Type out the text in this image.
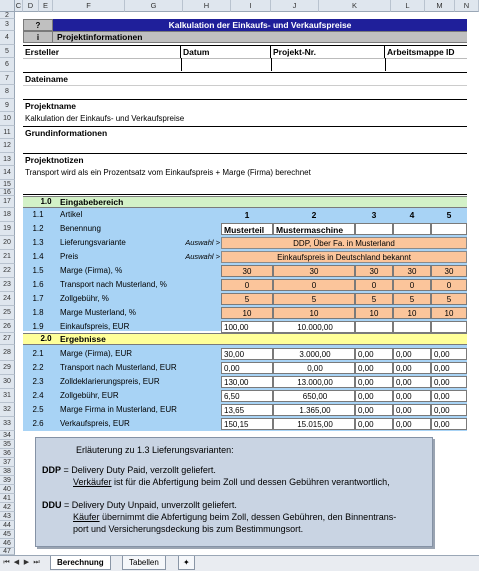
C D	E	F	G	H	I	J	K	L	M	N
2
3
4
5
6
7
8
9
10
11
12
13
14
15
16
17
18
19
20
21
22
23
24
25
26
27
28
29
30
31
32
33
34
35
36
37
38
39
40
41
42
43
44
45
46
47
?	Kalkulation der Einkaufs- und Verkaufspreise
i	Projektinformationen
Ersteller	Datum	Projekt-Nr.	Arbeitsmappe ID
Dateiname
Projektname
Kalkulation der Einkaufs- und Verkaufspreise
Grundinformationen
Projektnotizen
Transport wird als ein Prozentsatz vom Einkaufspreis + Marge (Firma) berechnet
1.0 Eingabebereich
1	2	3	4	5
1.1	Artikel
1.2	Benennung	Musterteil	Mustermaschine
1.3	Lieferungsvariante	Auswahl >	DDP, Über Fa. in Musterland
1.4	Preis	Auswahl >	Einkaufspreis in Deutschland bekannt
1.5	Marge (Firma), %	30	30	30	30	30
1.6	Transport nach Musterland, %	0	0	0	0	0
1.7	Zollgebühr, %	5	5	5	5	5
1.8	Marge Musterland, %	10	10	10	10	10
1.9	Einkaufspreis, EUR	100,00	10.000,00
2.0 Ergebnisse
2.1	Marge (Firma), EUR	30,00	3.000,00	0,00	0,00	0,00
2.2	Transport nach Musterland, EUR	0,00	0,00	0,00	0,00	0,00
2.3	Zolldeklarierungspreis, EUR	130,00	13.000,00	0,00	0,00	0,00
2.4	Zollgebühr, EUR	6,50	650,00	0,00	0,00	0,00
2.5	Marge Firma in Musterland, EUR	13,65	1.365,00	0,00	0,00	0,00
2.6	Verkaufspreis, EUR	150,15	15.015,00	0,00	0,00	0,00
Erläuterung zu 1.3 Lieferungsvarianten:
DDP = Delivery Duty Paid, verzollt geliefert.
Verkäufer ist für die Abfertigung beim Zoll und dessen Gebühren verantwortlich,
DDU = Delivery Duty Unpaid, unverzollt geliefert.
Käufer übernimmt die Abfertigung beim Zoll, dessen Gebühren, den Binnentrans-
port und Versicherungsdeckung bis zum Bestimmungsort.
⏮ ◀ ▶ ⏭	Berechnung	Tabellen	✦
